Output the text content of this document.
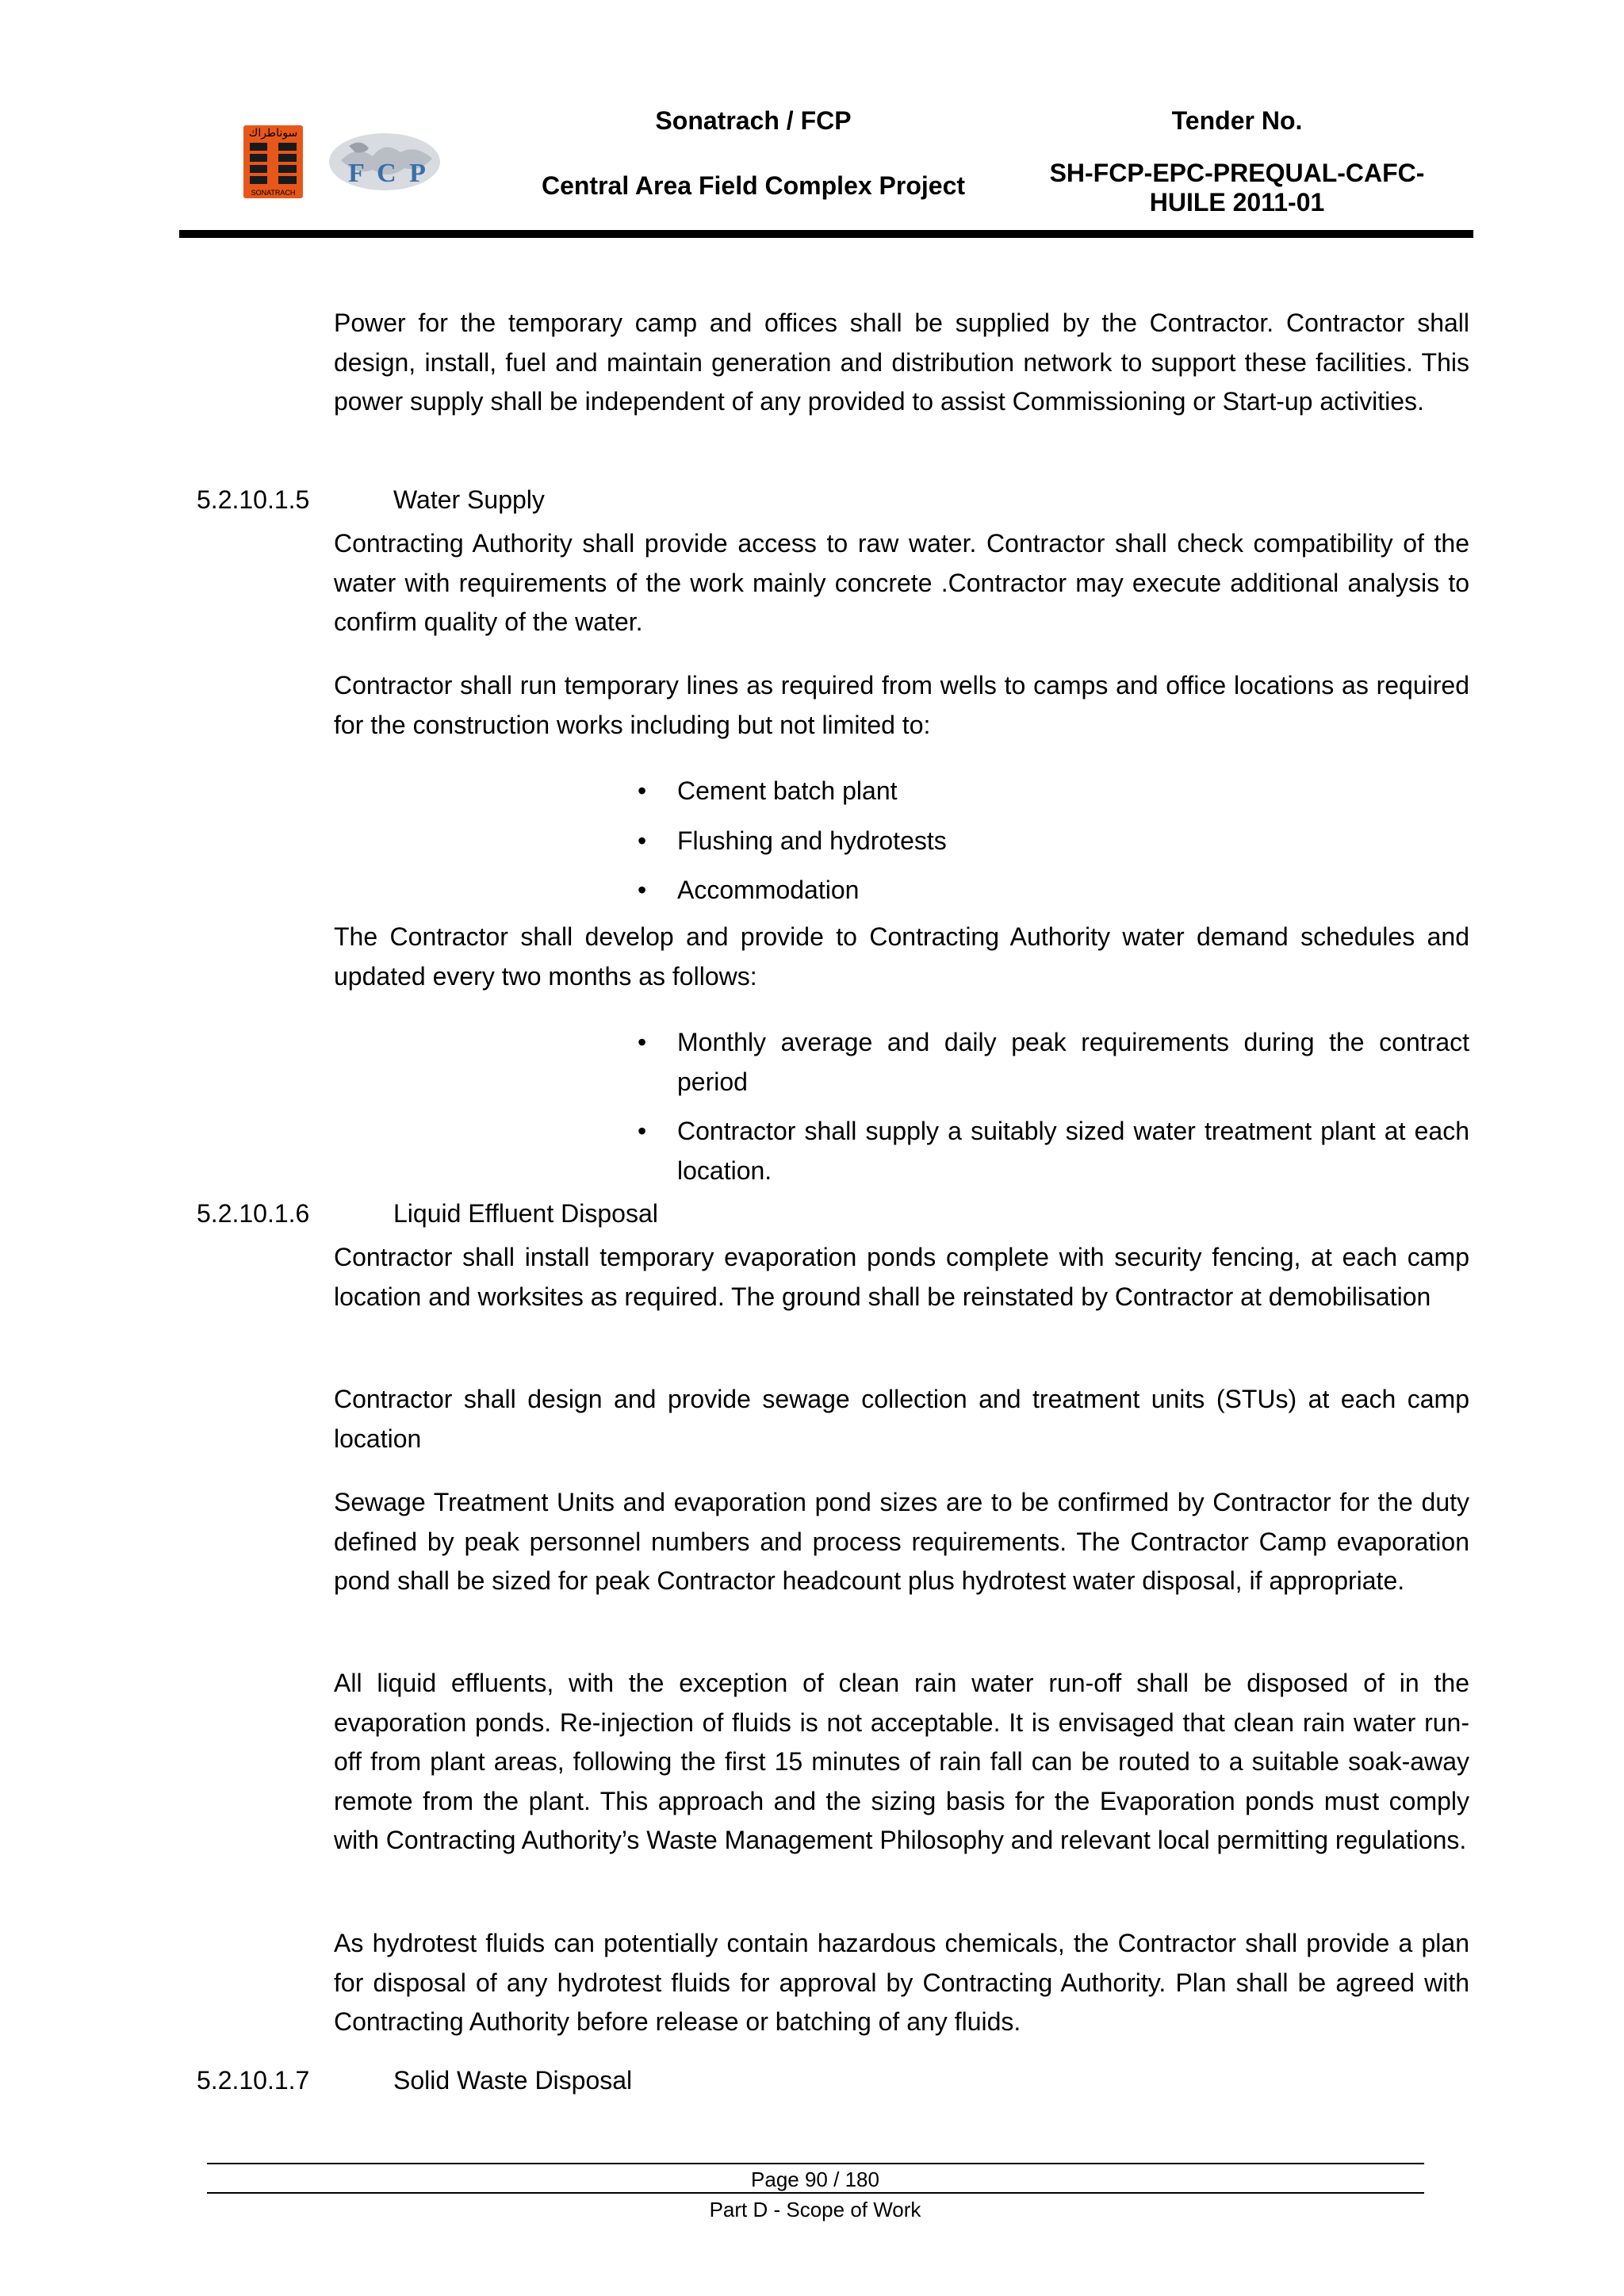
سوناطراك
SONATRACH
F C P
Sonatrach / FCP
Central Area Field Complex Project
Tender No.
SH-FCP-EPC-PREQUAL-CAFC-
HUILE 2011-01
Power for the temporary camp and offices shall be supplied by the Contractor. Contractor shall design, install, fuel and maintain generation and distribution network to support these facilities. This power supply shall be independent of any provided to assist Commissioning or Start-up activities.
5.2.10.1.5	Water Supply
Contracting Authority shall provide access to raw water. Contractor shall check compatibility of the water with requirements of the work mainly concrete .Contractor may execute additional analysis to confirm quality of the water.
Contractor shall run temporary lines as required from wells to camps and office locations as required for the construction works including but not limited to:
• Cement batch plant
• Flushing and hydrotests
• Accommodation
The Contractor shall develop and provide to Contracting Authority water demand schedules and updated every two months as follows:
• Monthly average and daily peak requirements during the contract period
• Contractor shall supply a suitably sized water treatment plant at each location.
5.2.10.1.6	Liquid Effluent Disposal
Contractor shall install temporary evaporation ponds complete with security fencing, at each camp location and worksites as required. The ground shall be reinstated by Contractor at demobilisation
Contractor shall design and provide sewage collection and treatment units (STUs) at each camp location
Sewage Treatment Units and evaporation pond sizes are to be confirmed by Contractor for the duty defined by peak personnel numbers and process requirements. The Contractor Camp evaporation pond shall be sized for peak Contractor headcount plus hydrotest water disposal, if appropriate.
All liquid effluents, with the exception of clean rain water run-off shall be disposed of in the evaporation ponds. Re-injection of fluids is not acceptable. It is envisaged that clean rain water run-off from plant areas, following the first 15 minutes of rain fall can be routed to a suitable soak-away remote from the plant. This approach and the sizing basis for the Evaporation ponds must comply with Contracting Authority’s Waste Management Philosophy and relevant local permitting regulations.
As hydrotest fluids can potentially contain hazardous chemicals, the Contractor shall provide a plan for disposal of any hydrotest fluids for approval by Contracting Authority. Plan shall be agreed with Contracting Authority before release or batching of any fluids.
5.2.10.1.7	Solid Waste Disposal
Page 90 / 180
Part D - Scope of Work
